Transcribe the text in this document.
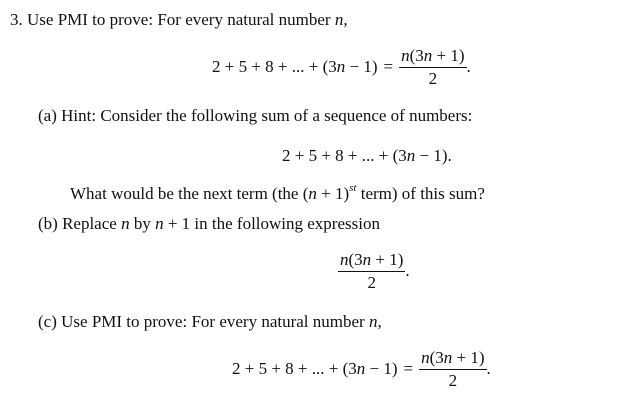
3. Use PMI to prove: For every natural number n,
2 + 5 + 8 + ... + $(3n - 1) = \frac{n(3n + 1)}{2}$ .
(a) Hint: Consider the following sum of a sequence of numbers:
2 + 5 + 8 + ... + (3n − 1).
What would be the next term (the $(n + 1)^{st}$ term) of this sum?
(b) Replace n by n + 1 in the following expression
$\frac{n(3n + 1)}{2}$ .
(c) Use PMI to prove: For every natural number n,
2 + 5 + 8 + ... + $(3n - 1) = \frac{n(3n + 1)}{2}$ .
